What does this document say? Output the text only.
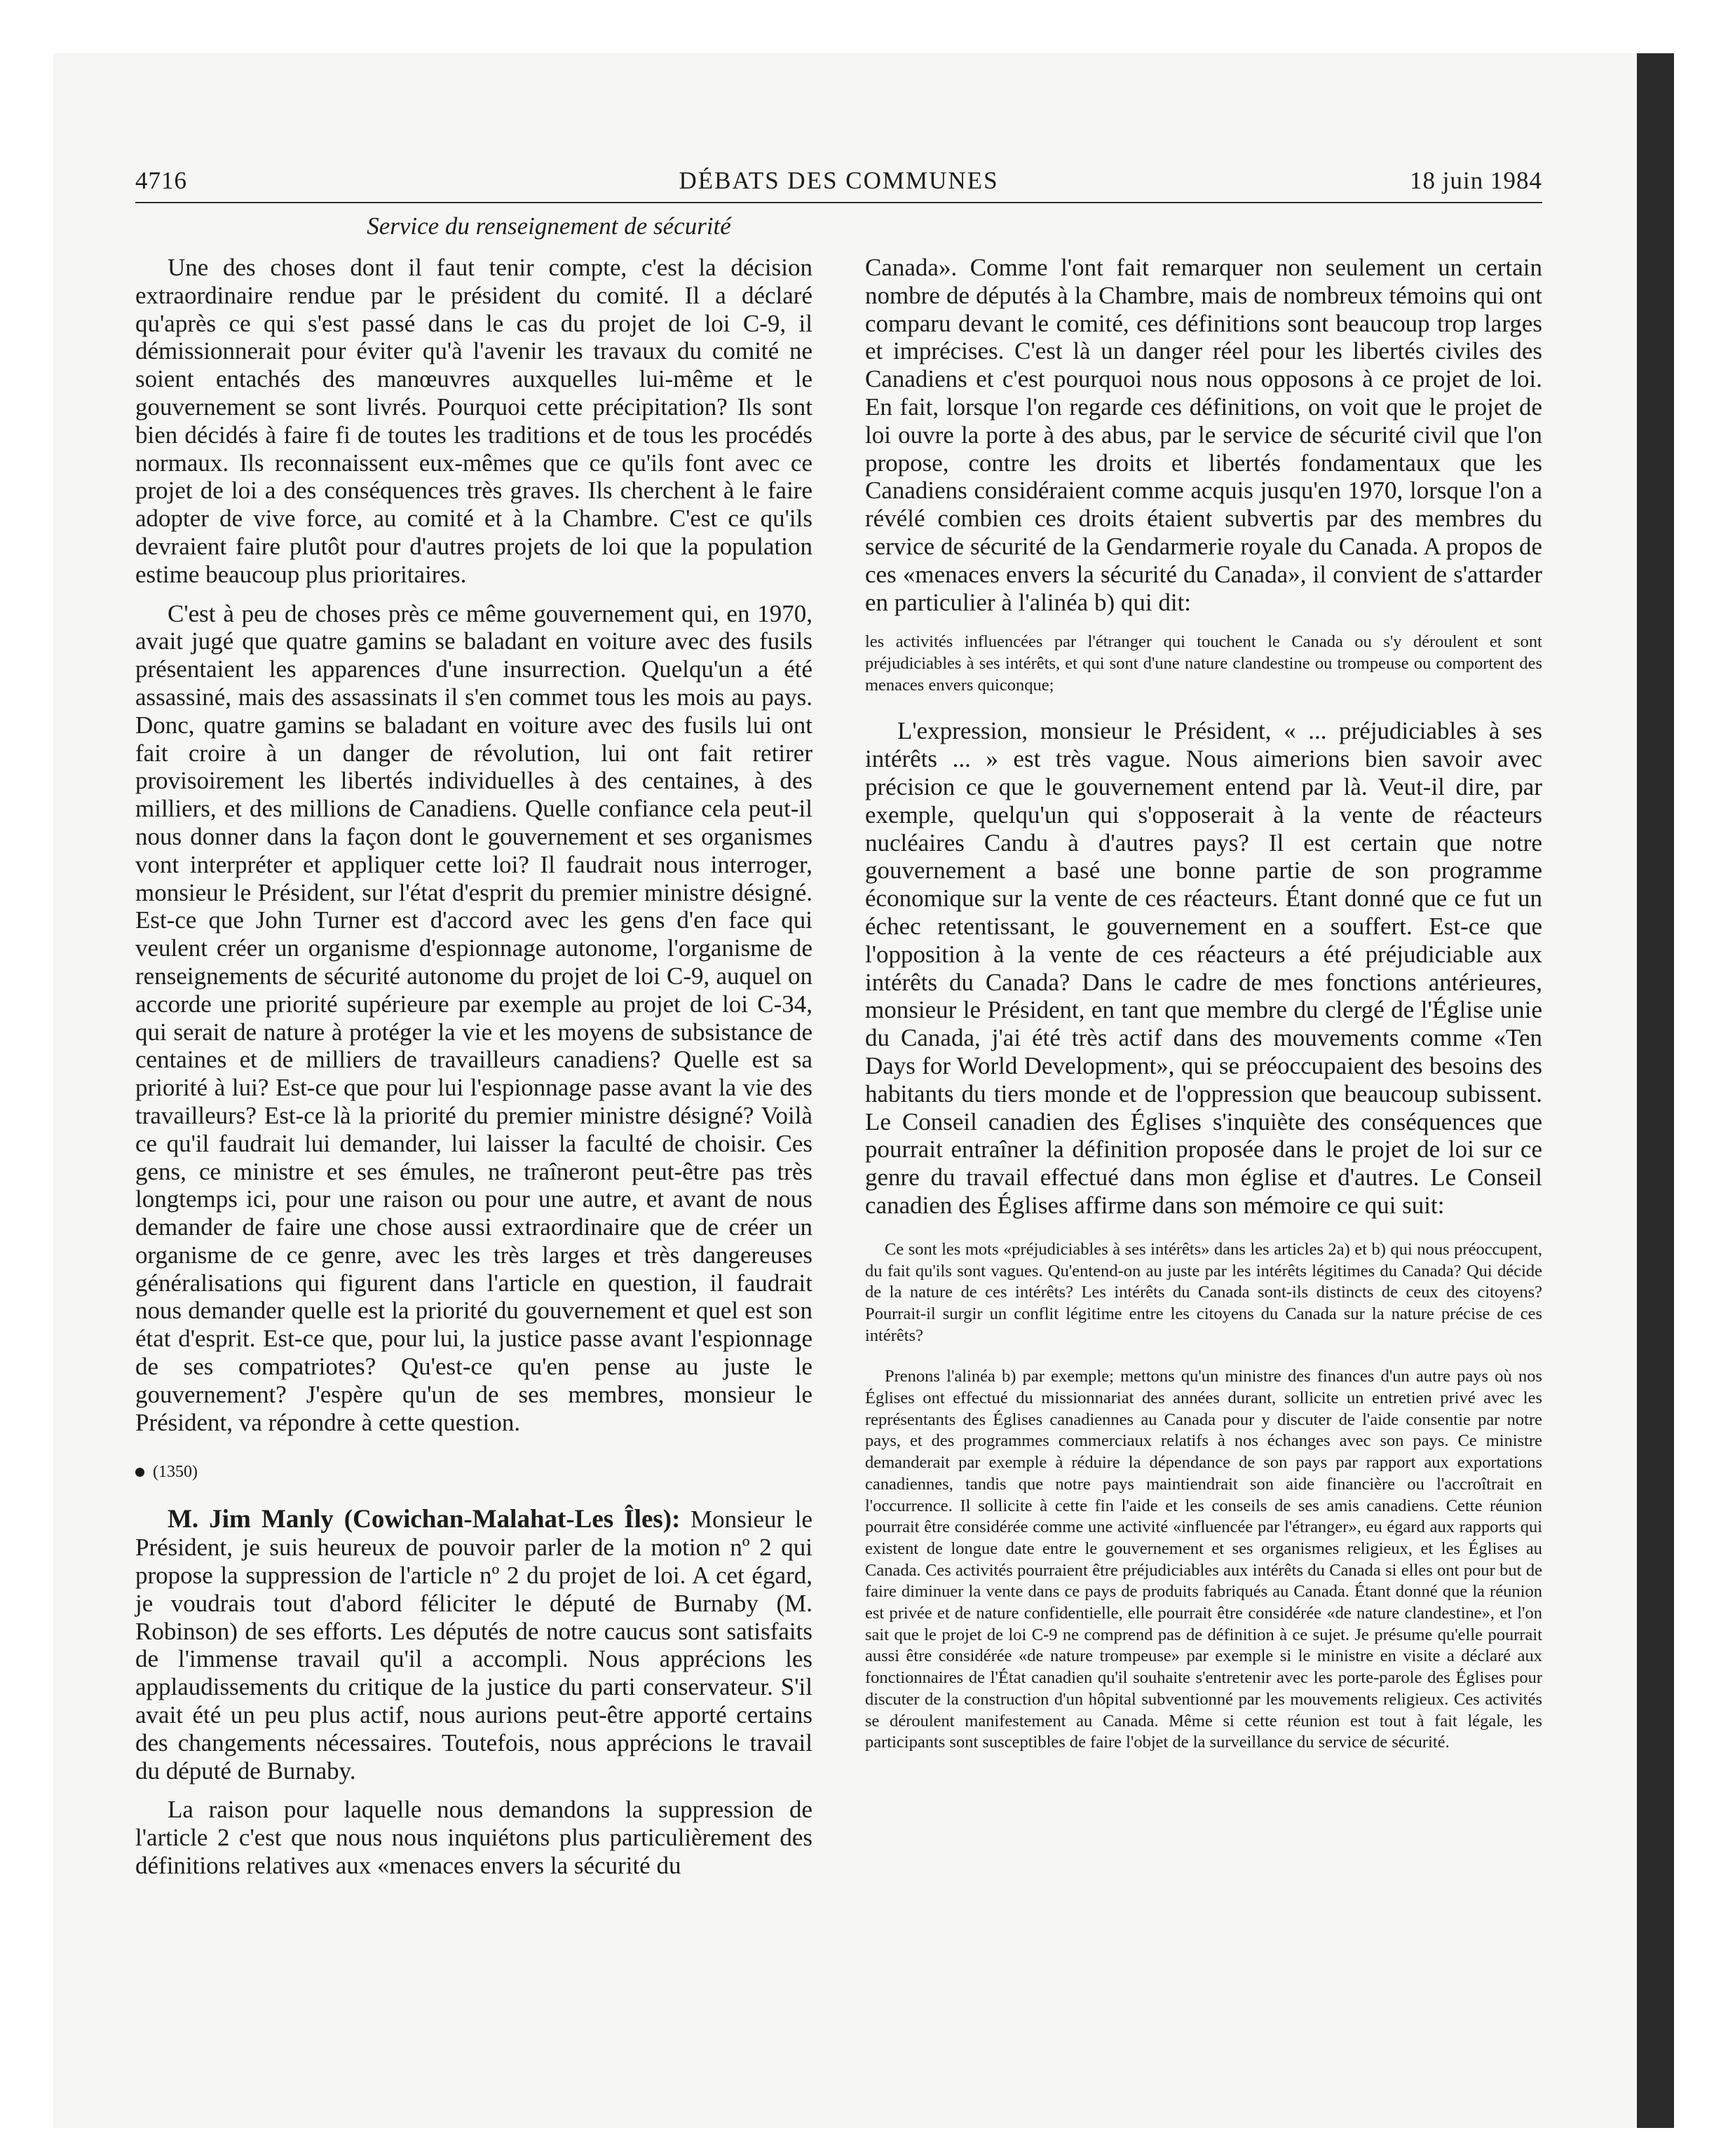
4716	DÉBATS DES COMMUNES	18 juin 1984
Service du renseignement de sécurité

Une des choses dont il faut tenir compte, c'est la décision extraordinaire rendue par le président du comité. Il a déclaré qu'après ce qui s'est passé dans le cas du projet de loi C-9, il démissionnerait pour éviter qu'à l'avenir les travaux du comité ne soient entachés des manœuvres auxquelles lui-même et le gouvernement se sont livrés. Pourquoi cette précipitation? Ils sont bien décidés à faire fi de toutes les traditions et de tous les procédés normaux. Ils reconnaissent eux-mêmes que ce qu'ils font avec ce projet de loi a des conséquences très graves. Ils cherchent à le faire adopter de vive force, au comité et à la Chambre. C'est ce qu'ils devraient faire plutôt pour d'autres projets de loi que la population estime beaucoup plus prioritaires.

C'est à peu de choses près ce même gouvernement qui, en 1970, avait jugé que quatre gamins se baladant en voiture avec des fusils présentaient les apparences d'une insurrection. Quelqu'un a été assassiné, mais des assassinats il s'en commet tous les mois au pays. Donc, quatre gamins se baladant en voiture avec des fusils lui ont fait croire à un danger de révolution, lui ont fait retirer provisoirement les libertés individuelles à des centaines, à des milliers, et des millions de Canadiens. Quelle confiance cela peut-il nous donner dans la façon dont le gouvernement et ses organismes vont interpréter et appliquer cette loi? Il faudrait nous interroger, monsieur le Président, sur l'état d'esprit du premier ministre désigné. Est-ce que John Turner est d'accord avec les gens d'en face qui veulent créer un organisme d'espionnage autonome, l'organisme de renseignements de sécurité autonome du projet de loi C-9, auquel on accorde une priorité supérieure par exemple au projet de loi C-34, qui serait de nature à protéger la vie et les moyens de subsistance de centaines et de milliers de travailleurs canadiens? Quelle est sa priorité à lui? Est-ce que pour lui l'espionnage passe avant la vie des travailleurs? Est-ce là la priorité du premier ministre désigné? Voilà ce qu'il faudrait lui demander, lui laisser la faculté de choisir. Ces gens, ce ministre et ses émules, ne traîneront peut-être pas très longtemps ici, pour une raison ou pour une autre, et avant de nous demander de faire une chose aussi extraordinaire que de créer un organisme de ce genre, avec les très larges et très dangereuses généralisations qui figurent dans l'article en question, il faudrait nous demander quelle est la priorité du gouvernement et quel est son état d'esprit. Est-ce que, pour lui, la justice passe avant l'espionnage de ses compatriotes? Qu'est-ce qu'en pense au juste le gouvernement? J'espère qu'un de ses membres, monsieur le Président, va répondre à cette question.

(1350)

M. Jim Manly (Cowichan-Malahat-Les Îles): Monsieur le Président, je suis heureux de pouvoir parler de la motion nº 2 qui propose la suppression de l'article nº 2 du projet de loi. A cet égard, je voudrais tout d'abord féliciter le député de Burnaby (M. Robinson) de ses efforts. Les députés de notre caucus sont satisfaits de l'immense travail qu'il a accompli. Nous apprécions les applaudissements du critique de la justice du parti conservateur. S'il avait été un peu plus actif, nous aurions peut-être apporté certains des changements nécessaires. Toutefois, nous apprécions le travail du député de Burnaby.

La raison pour laquelle nous demandons la suppression de l'article 2 c'est que nous nous inquiétons plus particulièrement des définitions relatives aux «menaces envers la sécurité du

Canada». Comme l'ont fait remarquer non seulement un certain nombre de députés à la Chambre, mais de nombreux témoins qui ont comparu devant le comité, ces définitions sont beaucoup trop larges et imprécises. C'est là un danger réel pour les libertés civiles des Canadiens et c'est pourquoi nous nous opposons à ce projet de loi. En fait, lorsque l'on regarde ces définitions, on voit que le projet de loi ouvre la porte à des abus, par le service de sécurité civil que l'on propose, contre les droits et libertés fondamentaux que les Canadiens considéraient comme acquis jusqu'en 1970, lorsque l'on a révélé combien ces droits étaient subvertis par des membres du service de sécurité de la Gendarmerie royale du Canada. A propos de ces «menaces envers la sécurité du Canada», il convient de s'attarder en particulier à l'alinéa b) qui dit:

les activités influencées par l'étranger qui touchent le Canada ou s'y déroulent et sont préjudiciables à ses intérêts, et qui sont d'une nature clandestine ou trompeuse ou comportent des menaces envers quiconque;

L'expression, monsieur le Président, « ... préjudiciables à ses intérêts ... » est très vague. Nous aimerions bien savoir avec précision ce que le gouvernement entend par là. Veut-il dire, par exemple, quelqu'un qui s'opposerait à la vente de réacteurs nucléaires Candu à d'autres pays? Il est certain que notre gouvernement a basé une bonne partie de son programme économique sur la vente de ces réacteurs. Étant donné que ce fut un échec retentissant, le gouvernement en a souffert. Est-ce que l'opposition à la vente de ces réacteurs a été préjudiciable aux intérêts du Canada? Dans le cadre de mes fonctions antérieures, monsieur le Président, en tant que membre du clergé de l'Église unie du Canada, j'ai été très actif dans des mouvements comme «Ten Days for World Development», qui se préoccupaient des besoins des habitants du tiers monde et de l'oppression que beaucoup subissent. Le Conseil canadien des Églises s'inquiète des conséquences que pourrait entraîner la définition proposée dans le projet de loi sur ce genre du travail effectué dans mon église et d'autres. Le Conseil canadien des Églises affirme dans son mémoire ce qui suit:

Ce sont les mots «préjudiciables à ses intérêts» dans les articles 2a) et b) qui nous préoccupent, du fait qu'ils sont vagues. Qu'entend-on au juste par les intérêts légitimes du Canada? Qui décide de la nature de ces intérêts? Les intérêts du Canada sont-ils distincts de ceux des citoyens? Pourrait-il surgir un conflit légitime entre les citoyens du Canada sur la nature précise de ces intérêts?

Prenons l'alinéa b) par exemple; mettons qu'un ministre des finances d'un autre pays où nos Églises ont effectué du missionnariat des années durant, sollicite un entretien privé avec les représentants des Églises canadiennes au Canada pour y discuter de l'aide consentie par notre pays, et des programmes commerciaux relatifs à nos échanges avec son pays. Ce ministre demanderait par exemple à réduire la dépendance de son pays par rapport aux exportations canadiennes, tandis que notre pays maintiendrait son aide financière ou l'accroîtrait en l'occurrence. Il sollicite à cette fin l'aide et les conseils de ses amis canadiens. Cette réunion pourrait être considérée comme une activité «influencée par l'étranger», eu égard aux rapports qui existent de longue date entre le gouvernement et ses organismes religieux, et les Églises au Canada. Ces activités pourraient être préjudiciables aux intérêts du Canada si elles ont pour but de faire diminuer la vente dans ce pays de produits fabriqués au Canada. Étant donné que la réunion est privée et de nature confidentielle, elle pourrait être considérée «de nature clandestine», et l'on sait que le projet de loi C-9 ne comprend pas de définition à ce sujet. Je présume qu'elle pourrait aussi être considérée «de nature trompeuse» par exemple si le ministre en visite a déclaré aux fonctionnaires de l'État canadien qu'il souhaite s'entretenir avec les porte-parole des Églises pour discuter de la construction d'un hôpital subventionné par les mouvements religieux. Ces activités se déroulent manifestement au Canada. Même si cette réunion est tout à fait légale, les participants sont susceptibles de faire l'objet de la surveillance du service de sécurité.
